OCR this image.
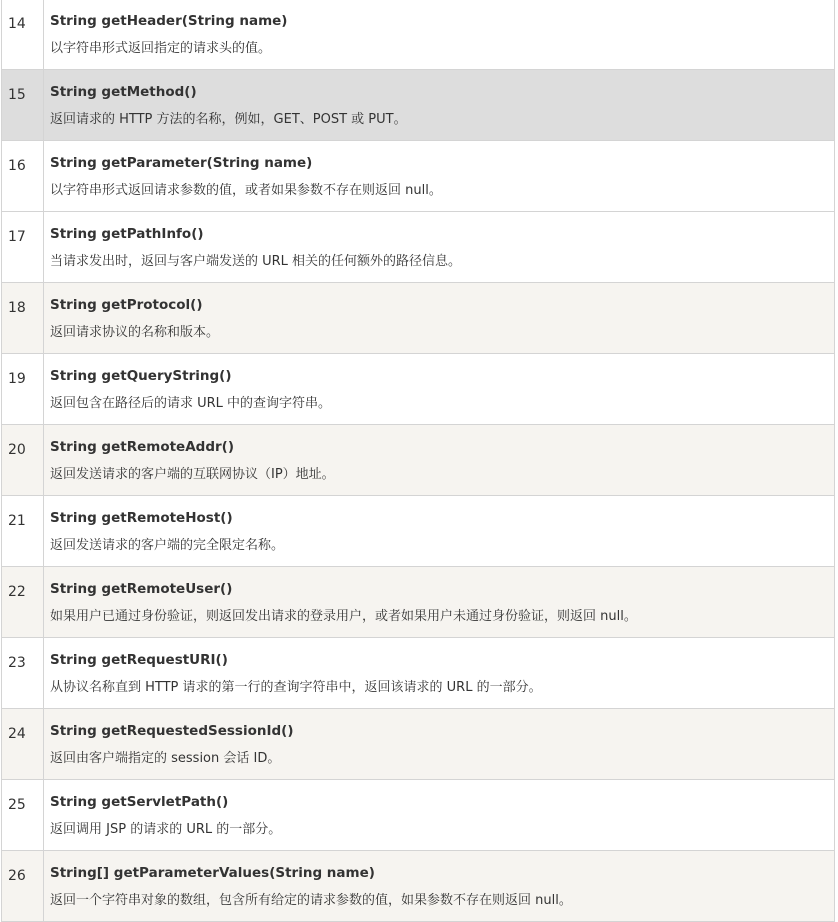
14	String getHeader(String name)
以字符串形式返回指定的请求头的值。

15	String getMethod()
返回请求的 HTTP 方法的名称，例如，GET、POST 或 PUT。

16	String getParameter(String name)
以字符串形式返回请求参数的值，或者如果参数不存在则返回 null。

17	String getPathInfo()
当请求发出时，返回与客户端发送的 URL 相关的任何额外的路径信息。

18	String getProtocol()
返回请求协议的名称和版本。

19	String getQueryString()
返回包含在路径后的请求 URL 中的查询字符串。

20	String getRemoteAddr()
返回发送请求的客户端的互联网协议（IP）地址。

21	String getRemoteHost()
返回发送请求的客户端的完全限定名称。

22	String getRemoteUser()
如果用户已通过身份验证，则返回发出请求的登录用户，或者如果用户未通过身份验证，则返回 null。

23	String getRequestURI()
从协议名称直到 HTTP 请求的第一行的查询字符串中，返回该请求的 URL 的一部分。

24	String getRequestedSessionId()
返回由客户端指定的 session 会话 ID。

25	String getServletPath()
返回调用 JSP 的请求的 URL 的一部分。

26	String[] getParameterValues(String name)
返回一个字符串对象的数组，包含所有给定的请求参数的值，如果参数不存在则返回 null。
